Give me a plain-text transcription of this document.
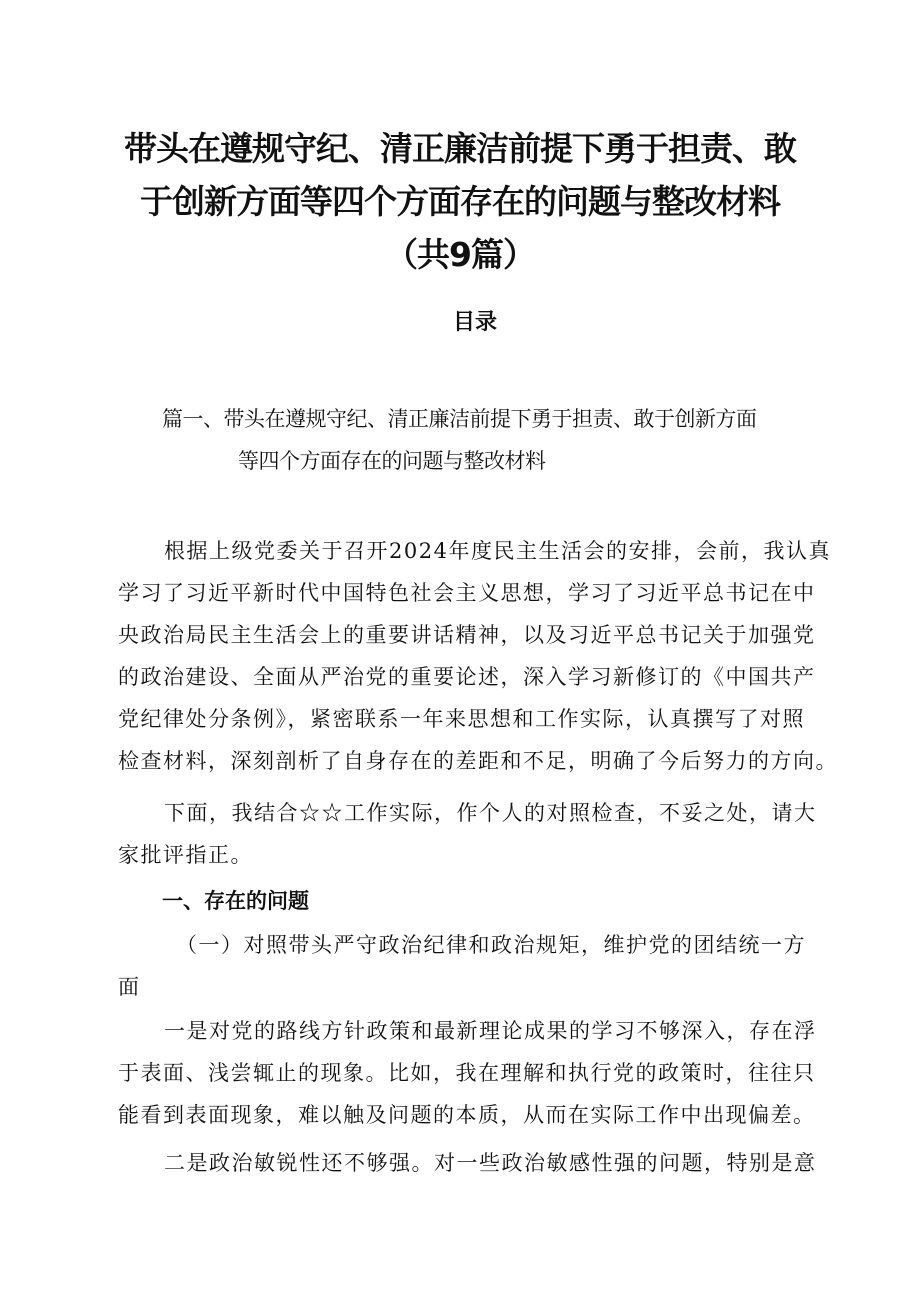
带头在遵规守纪、清正廉洁前提下勇于担责、敢
于创新方面等四个方面存在的问题与整改材料
（共9篇）
目录
篇一、带头在遵规守纪、清正廉洁前提下勇于担责、敢于创新方面
等四个方面存在的问题与整改材料
根据上级党委关于召开2024年度民主生活会的安排，会前，我认真
学习了习近平新时代中国特色社会主义思想，学习了习近平总书记在中
央政治局民主生活会上的重要讲话精神，以及习近平总书记关于加强党
的政治建设、全面从严治党的重要论述，深入学习新修订的《中国共产
党纪律处分条例》，紧密联系一年来思想和工作实际，认真撰写了对照
检查材料，深刻剖析了自身存在的差距和不足，明确了今后努力的方向。
下面，我结合☆☆工作实际，作个人的对照检查，不妥之处，请大
家批评指正。
一、存在的问题
（一）对照带头严守政治纪律和政治规矩，维护党的团结统一方
面
一是对党的路线方针政策和最新理论成果的学习不够深入，存在浮
于表面、浅尝辄止的现象。比如，我在理解和执行党的政策时，往往只
能看到表面现象，难以触及问题的本质，从而在实际工作中出现偏差。
二是政治敏锐性还不够强。对一些政治敏感性强的问题，特别是意
